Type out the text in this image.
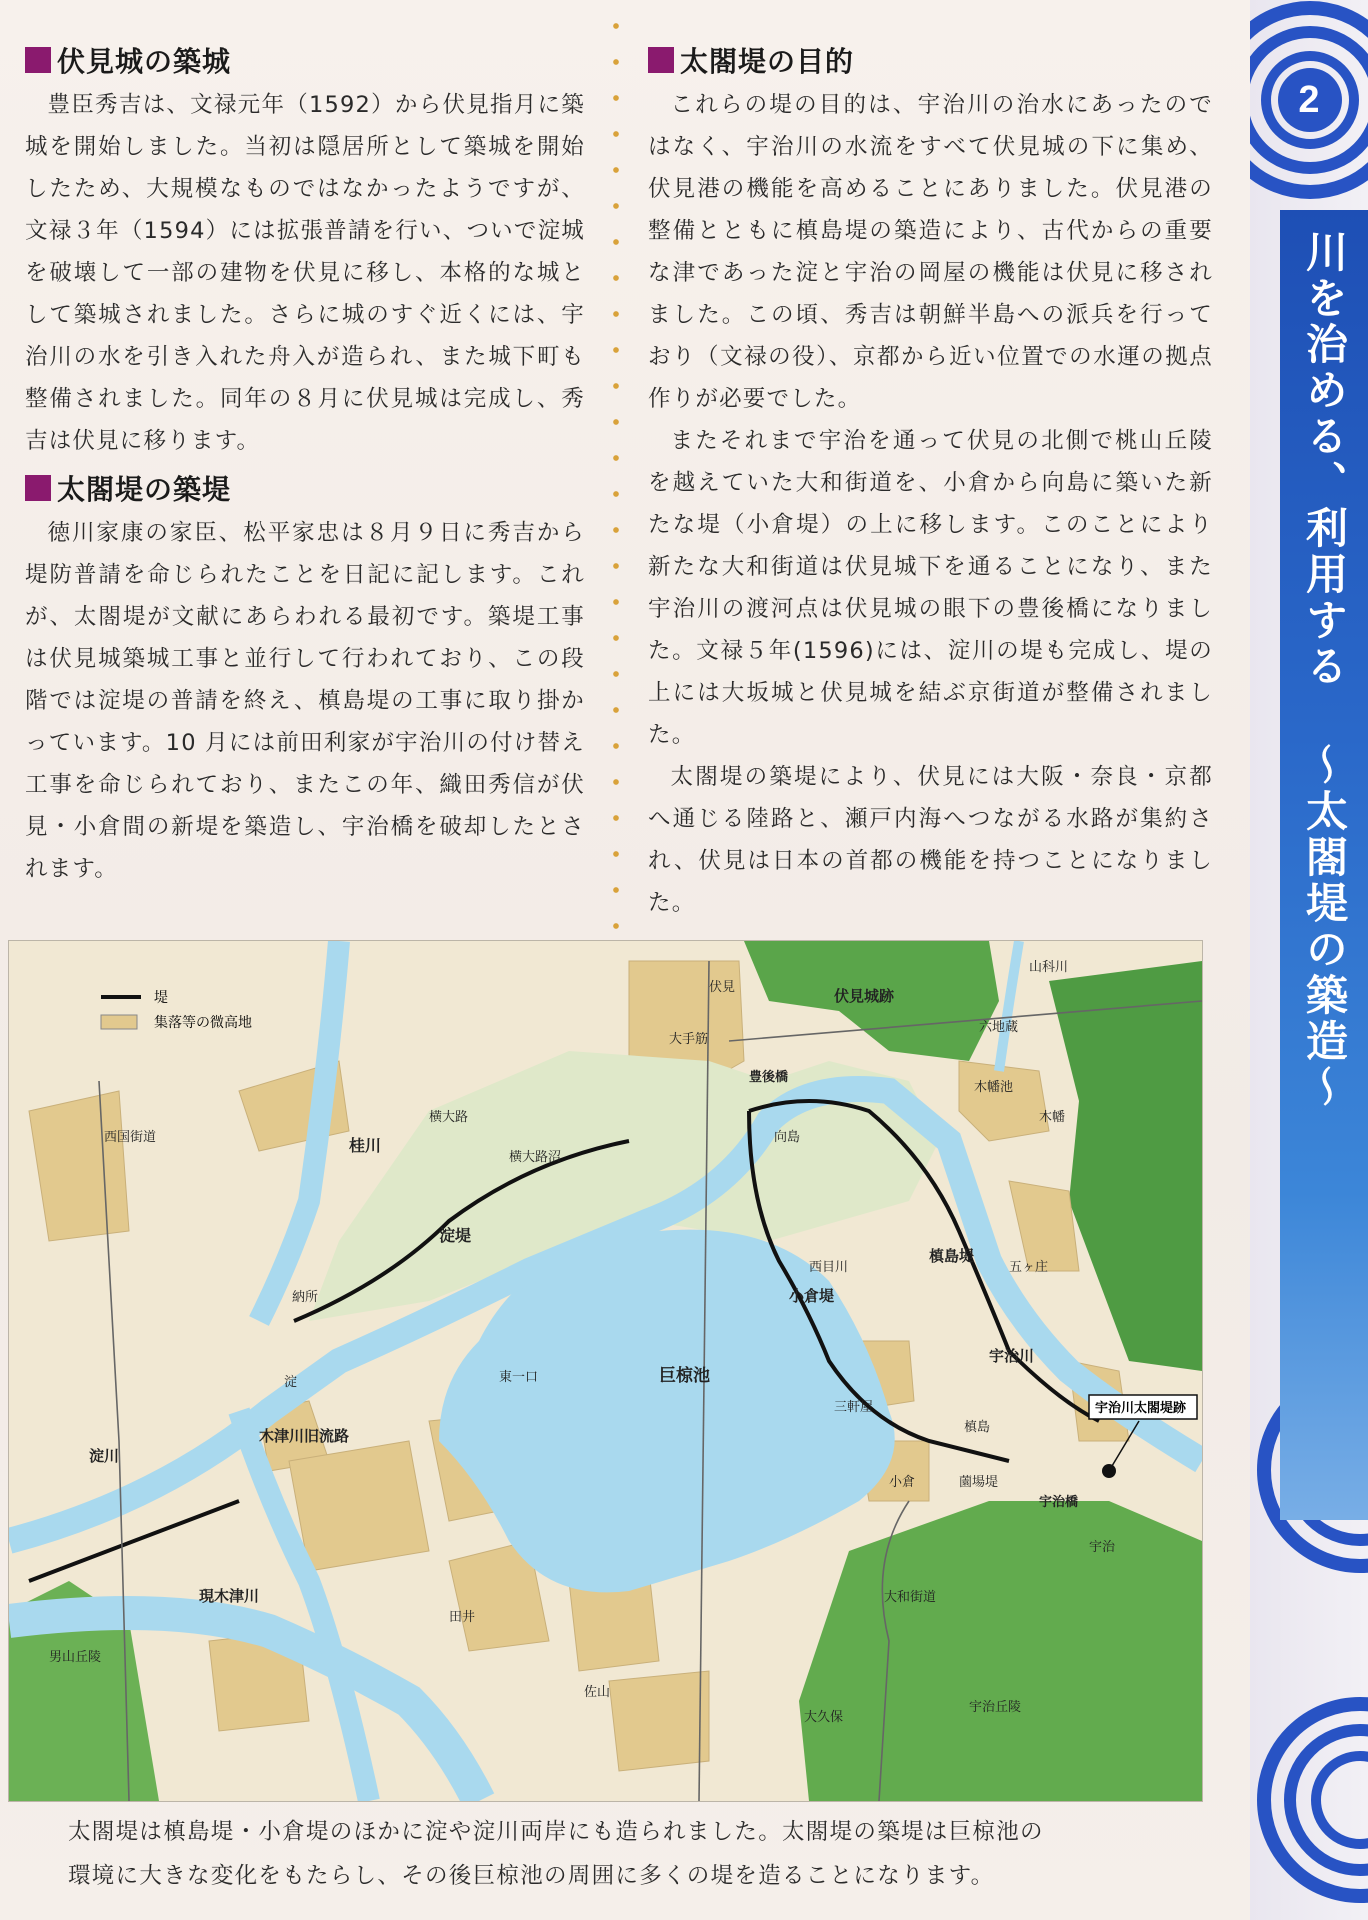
伏見城の築城

豊臣秀吉は、文禄元年（1592）から伏見指月に築城を開始しました。当初は隠居所として築城を開始したため、大規模なものではなかったようですが、文禄３年（1594）には拡張普請を行い、ついで淀城を破壊して一部の建物を伏見に移し、本格的な城として築城されました。さらに城のすぐ近くには、宇治川の水を引き入れた舟入が造られ、また城下町も整備されました。同年の８月に伏見城は完成し、秀吉は伏見に移ります。

太閤堤の築堤

徳川家康の家臣、松平家忠は８月９日に秀吉から堤防普請を命じられたことを日記に記します。これが、太閤堤が文献にあらわれる最初です。築堤工事は伏見城築城工事と並行して行われており、この段階では淀堤の普請を終え、槙島堤の工事に取り掛かっています。10 月には前田利家が宇治川の付け替え工事を命じられており、またこの年、織田秀信が伏見・小倉間の新堤を築造し、宇治橋を破却したとされます。

太閤堤の目的

これらの堤の目的は、宇治川の治水にあったのではなく、宇治川の水流をすべて伏見城の下に集め、伏見港の機能を高めることにありました。伏見港の整備とともに槙島堤の築造により、古代からの重要な津であった淀と宇治の岡屋の機能は伏見に移されました。この頃、秀吉は朝鮮半島への派兵を行っており（文禄の役）、京都から近い位置での水運の拠点作りが必要でした。

またそれまで宇治を通って伏見の北側で桃山丘陵を越えていた大和街道を、小倉から向島に築いた新たな堤（小倉堤）の上に移します。このことにより新たな大和街道は伏見城下を通ることになり、また宇治川の渡河点は伏見城の眼下の豊後橋になりました。文禄５年(1596)には、淀川の堤も完成し、堤の上には大坂城と伏見城を結ぶ京街道が整備されました。

太閤堤の築堤により、伏見には大阪・奈良・京都へ通じる陸路と、瀬戸内海へつながる水路が集約され、伏見は日本の首都の機能を持つことになりました。

2
川を治める、利用する ～太閤堤の築造～
堤
集落等の微高地
伏見	伏見城跡
山科川
六地蔵
大手筋
豊後橋
木幡池
木幡
向島
横大路
横大路沼
桂川
淀堤
西国街道
納所
淀
西目川
小倉堤
槙島堤
五ヶ庄
宇治川
東一口	巨椋池
三軒屋
槙島
小倉
淀川
木津川旧流路
現木津川
薗場堤
宇治橋
宇治
大和街道
田井
佐山
大久保
宇治丘陵
男山丘陵
宇治川太閤堤跡
太閤堤は槙島堤・小倉堤のほかに淀や淀川両岸にも造られました。太閤堤の築堤は巨椋池の
環境に大きな変化をもたらし、その後巨椋池の周囲に多くの堤を造ることになります。
